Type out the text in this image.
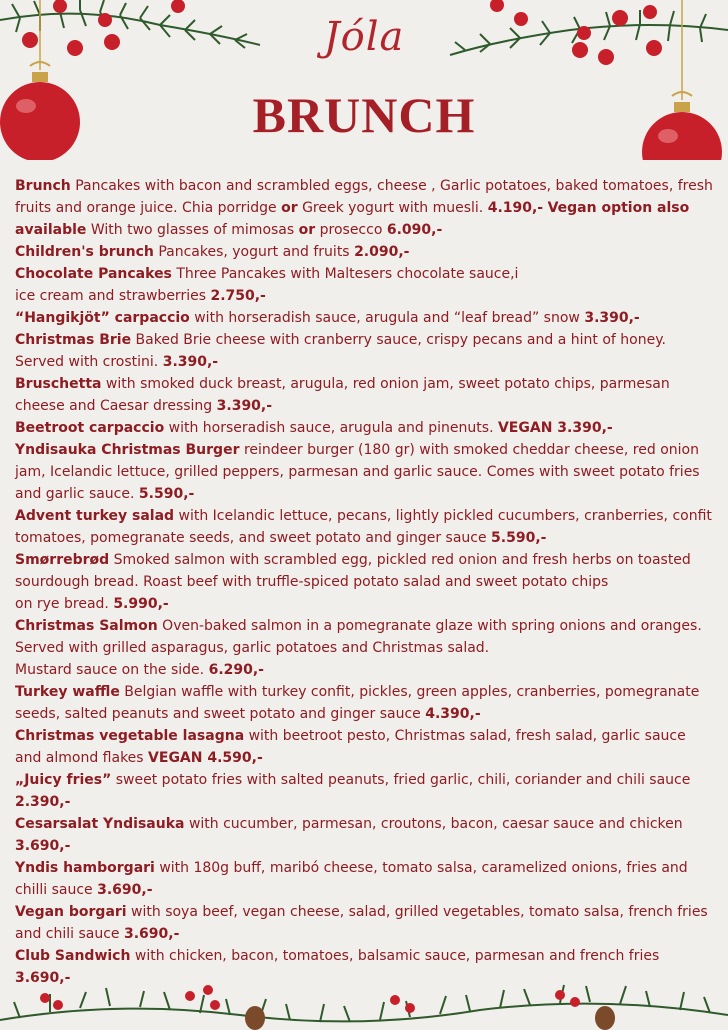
Jóla
BRUNCH

Brunch Pancakes with bacon and scrambled eggs, cheese , Garlic potatoes, baked tomatoes, fresh fruits and orange juice. Chia porridge or Greek yogurt with muesli. 4.190,- Vegan option also available With two glasses of mimosas or prosecco 6.090,-

Children's brunch Pancakes, yogurt and fruits 2.090,-

Chocolate Pancakes Three Pancakes with Maltesers chocolate sauce,i
ice cream and strawberries 2.750,-

“Hangikjöt” carpaccio with horseradish sauce, arugula and “leaf bread” snow 3.390,-

Christmas Brie Baked Brie cheese with cranberry sauce, crispy pecans and a hint of honey. Served with crostini. 3.390,-

Bruschetta with smoked duck breast, arugula, red onion jam, sweet potato chips, parmesan cheese and Caesar dressing 3.390,-

Beetroot carpaccio with horseradish sauce, arugula and pinenuts. VEGAN 3.390,-

Yndisauka Christmas Burger reindeer burger (180 gr) with smoked cheddar cheese, red onion jam, Icelandic lettuce, grilled peppers, parmesan and garlic sauce. Comes with sweet potato fries and garlic sauce. 5.590,-

Advent turkey salad with Icelandic lettuce, pecans, lightly pickled cucumbers, cranberries, confit tomatoes, pomegranate seeds, and sweet potato and ginger sauce 5.590,-

Smørrebrød Smoked salmon with scrambled egg, pickled red onion and fresh herbs on toasted sourdough bread. Roast beef with truffle-spiced potato salad and sweet potato chips
on rye bread. 5.990,-

Christmas Salmon Oven-baked salmon in a pomegranate glaze with spring onions and oranges. Served with grilled asparagus, garlic potatoes and Christmas salad.
Mustard sauce on the side. 6.290,-

Turkey waffle Belgian waffle with turkey confit, pickles, green apples, cranberries, pomegranate seeds, salted peanuts and sweet potato and ginger sauce 4.390,-

Christmas vegetable lasagna with beetroot pesto, Christmas salad, fresh salad, garlic sauce and almond flakes VEGAN 4.590,-

„Juicy fries” sweet potato fries with salted peanuts, fried garlic, chili, coriander and chili sauce 2.390,-

Cesarsalat Yndisauka with cucumber, parmesan, croutons, bacon, caesar sauce and chicken 3.690,-

Yndis hamborgari with 180g buff, maribó cheese, tomato salsa, caramelized onions, fries and chilli sauce 3.690,-

Vegan borgari with soya beef, vegan cheese, salad, grilled vegetables, tomato salsa, french fries and chili sauce 3.690,-

Club Sandwich with chicken, bacon, tomatoes, balsamic sauce, parmesan and french fries 3.690,-
